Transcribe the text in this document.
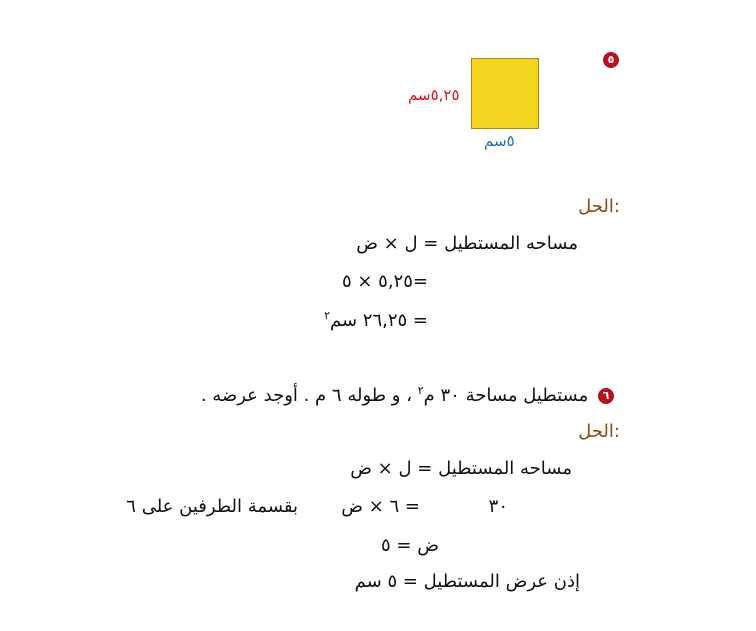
٥
٥,٢٥سم
٥سم
الحل:
مساحه المستطيل = ل × ض
=٥,٢٥ × ٥
= ٢٦,٢٥ سم$^٢$
٦ مستطيل مساحة ٣٠ م$^٢$ ، و طوله ٦ م . أوجد عرضه .
الحل:
مساحه المستطيل = ل × ض
٣٠
= ٦ × ض
بقسمة الطرفين على ٦
ض = ٥
إذن عرض المستطيل = ٥ سم
